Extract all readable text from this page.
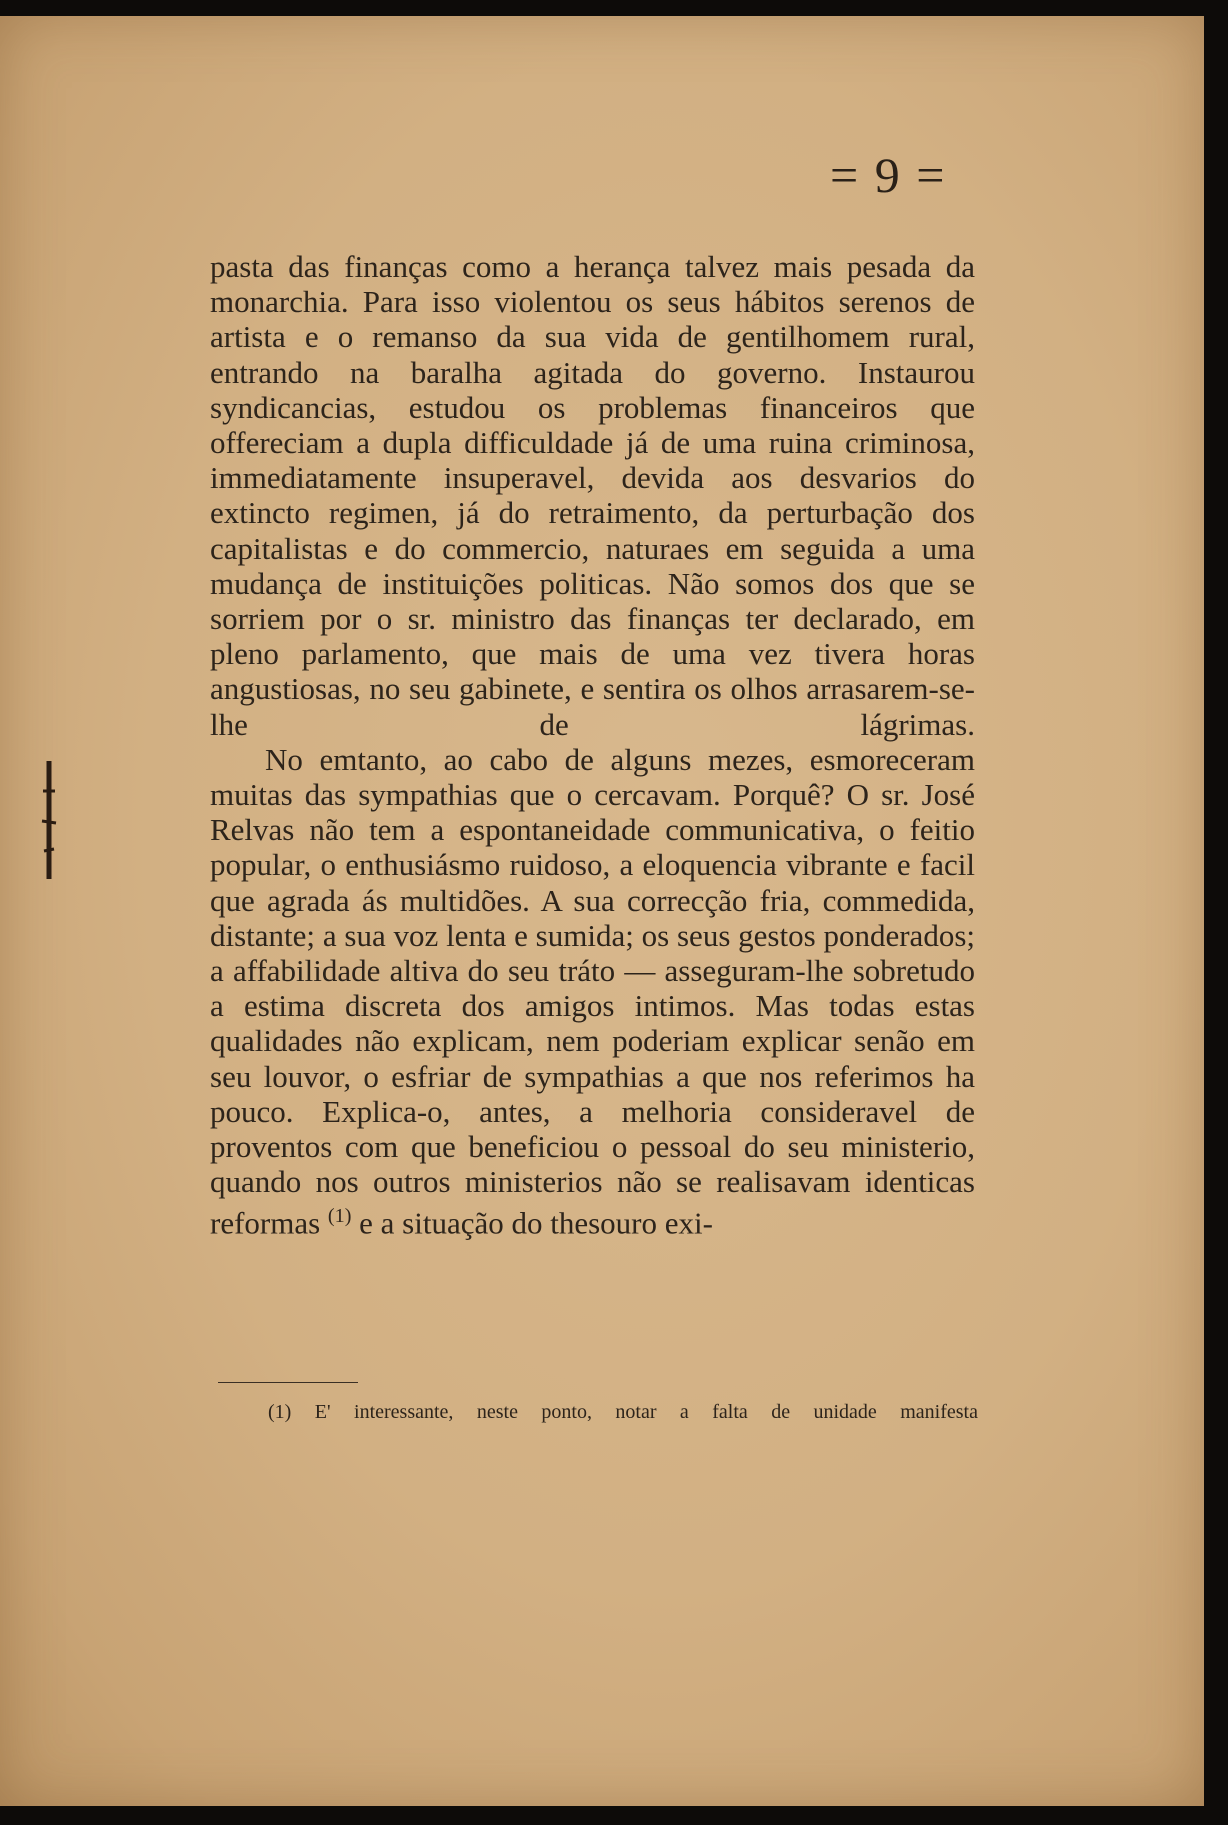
= 9 =

pasta das finanças como a herança talvez mais pesada da monarchia. Para isso violentou os seus hábitos serenos de artista e o remanso da sua vida de gentilhomem rural, entrando na baralha agitada do governo. Instaurou syndicancias, estudou os problemas financeiros que offereciam a dupla difficuldade já de uma ruina criminosa, immediatamente insuperavel, devida aos desvarios do extincto regimen, já do retraimento, da perturbação dos capitalistas e do commercio, naturaes em seguida a uma mudança de instituições politicas. Não somos dos que se sorriem por o sr. ministro das finanças ter declarado, em pleno parlamento, que mais de uma vez tivera horas angustiosas, no seu gabinete, e sentira os olhos arrasarem-se-lhe de lágrimas.

No emtanto, ao cabo de alguns mezes, esmoreceram muitas das sympathias que o cercavam. Porquê? O sr. José Relvas não tem a espontaneidade communicativa, o feitio popular, o enthusiásmo ruidoso, a eloquencia vibrante e facil que agrada ás multidões. A sua correcção fria, commedida, distante; a sua voz lenta e sumida; os seus gestos ponderados; a affabilidade altiva do seu tráto — asseguram-lhe sobretudo a estima discreta dos amigos intimos. Mas todas estas qualidades não explicam, nem poderiam explicar senão em seu louvor, o esfriar de sympathias a que nos referimos ha pouco. Explica-o, antes, a melhoria consideravel de proventos com que beneficiou o pessoal do seu ministerio, quando nos outros ministerios não se realisavam identicas reformas $^{(1)}$ e a situação do thesouro exi-

(1) E' interessante, neste ponto, notar a falta de unidade manifesta
